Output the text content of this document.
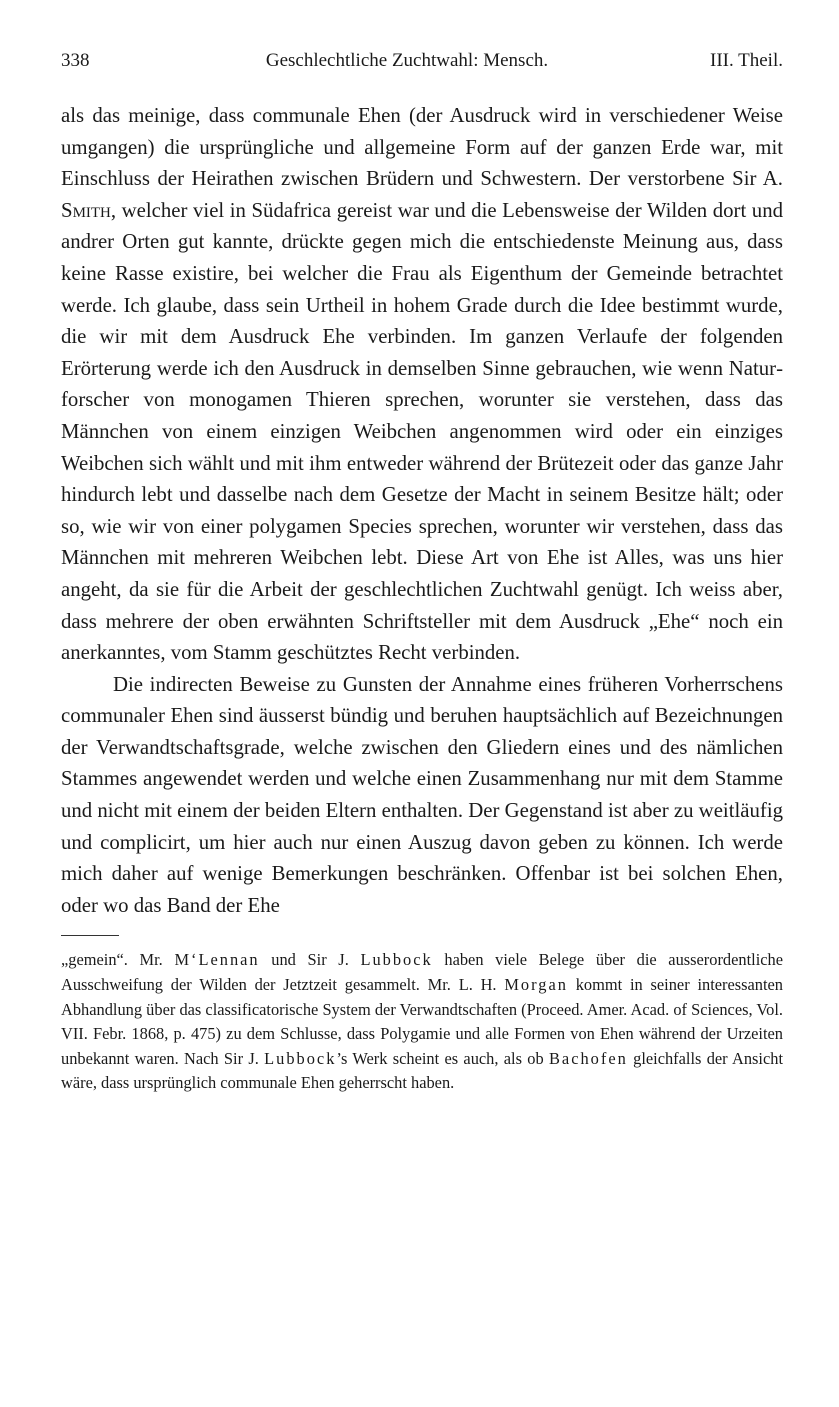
338	Geschlechtliche Zuchtwahl: Mensch.	III. Theil.

als das meinige, dass communale Ehen (der Ausdruck wird in verschiedener Weise umgangen) die ursprüngliche und allgemeine Form auf der ganzen Erde war, mit Einschluss der Heirathen zwischen Brüdern und Schwestern. Der verstorbene Sir A. Smith, welcher viel in Südafrica gereist war und die Lebensweise der Wilden dort und andrer Orten gut kannte, drückte gegen mich die entschiedenste Meinung aus, dass keine Rasse existire, bei welcher die Frau als Eigenthum der Gemeinde betrachtet werde. Ich glaube, dass sein Urtheil in hohem Grade durch die Idee bestimmt wurde, die wir mit dem Ausdruck Ehe verbinden. Im ganzen Verlaufe der folgenden Erörterung werde ich den Ausdruck in demselben Sinne gebrauchen, wie wenn Naturforscher von monogamen Thieren sprechen, worunter sie verstehen, dass das Männchen von einem einzigen Weibchen angenommen wird oder ein einziges Weibchen sich wählt und mit ihm entweder während der Brütezeit oder das ganze Jahr hindurch lebt und dasselbe nach dem Gesetze der Macht in seinem Besitze hält; oder so, wie wir von einer polygamen Species sprechen, worunter wir verstehen, dass das Männchen mit mehreren Weibchen lebt. Diese Art von Ehe ist Alles, was uns hier angeht, da sie für die Arbeit der geschlechtlichen Zuchtwahl genügt. Ich weiss aber, dass mehrere der oben erwähnten Schriftsteller mit dem Ausdruck „Ehe“ noch ein anerkanntes, vom Stamm geschütztes Recht verbinden.

Die indirecten Beweise zu Gunsten der Annahme eines früheren Vorherrschens communaler Ehen sind äusserst bündig und beruhen hauptsächlich auf Bezeichnungen der Verwandtschaftsgrade, welche zwischen den Gliedern eines und des nämlichen Stammes angewendet werden und welche einen Zusammenhang nur mit dem Stamme und nicht mit einem der beiden Eltern enthalten. Der Gegenstand ist aber zu weitläufig und complicirt, um hier auch nur einen Auszug davon geben zu können. Ich werde mich daher auf wenige Bemerkungen beschränken. Offenbar ist bei solchen Ehen, oder wo das Band der Ehe

„gemein“. Mr. M‘Lennan und Sir J. Lubbock haben viele Belege über die ausserordentliche Ausschweifung der Wilden der Jetztzeit gesammelt. Mr. L. H. Morgan kommt in seiner interessanten Abhandlung über das classificatorische System der Verwandtschaften (Proceed. Amer. Acad. of Sciences, Vol. VII. Febr. 1868, p. 475) zu dem Schlusse, dass Polygamie und alle Formen von Ehen während der Urzeiten unbekannt waren. Nach Sir J. Lubbock’s Werk scheint es auch, als ob Bachofen gleichfalls der Ansicht wäre, dass ursprünglich communale Ehen geherrscht haben.
